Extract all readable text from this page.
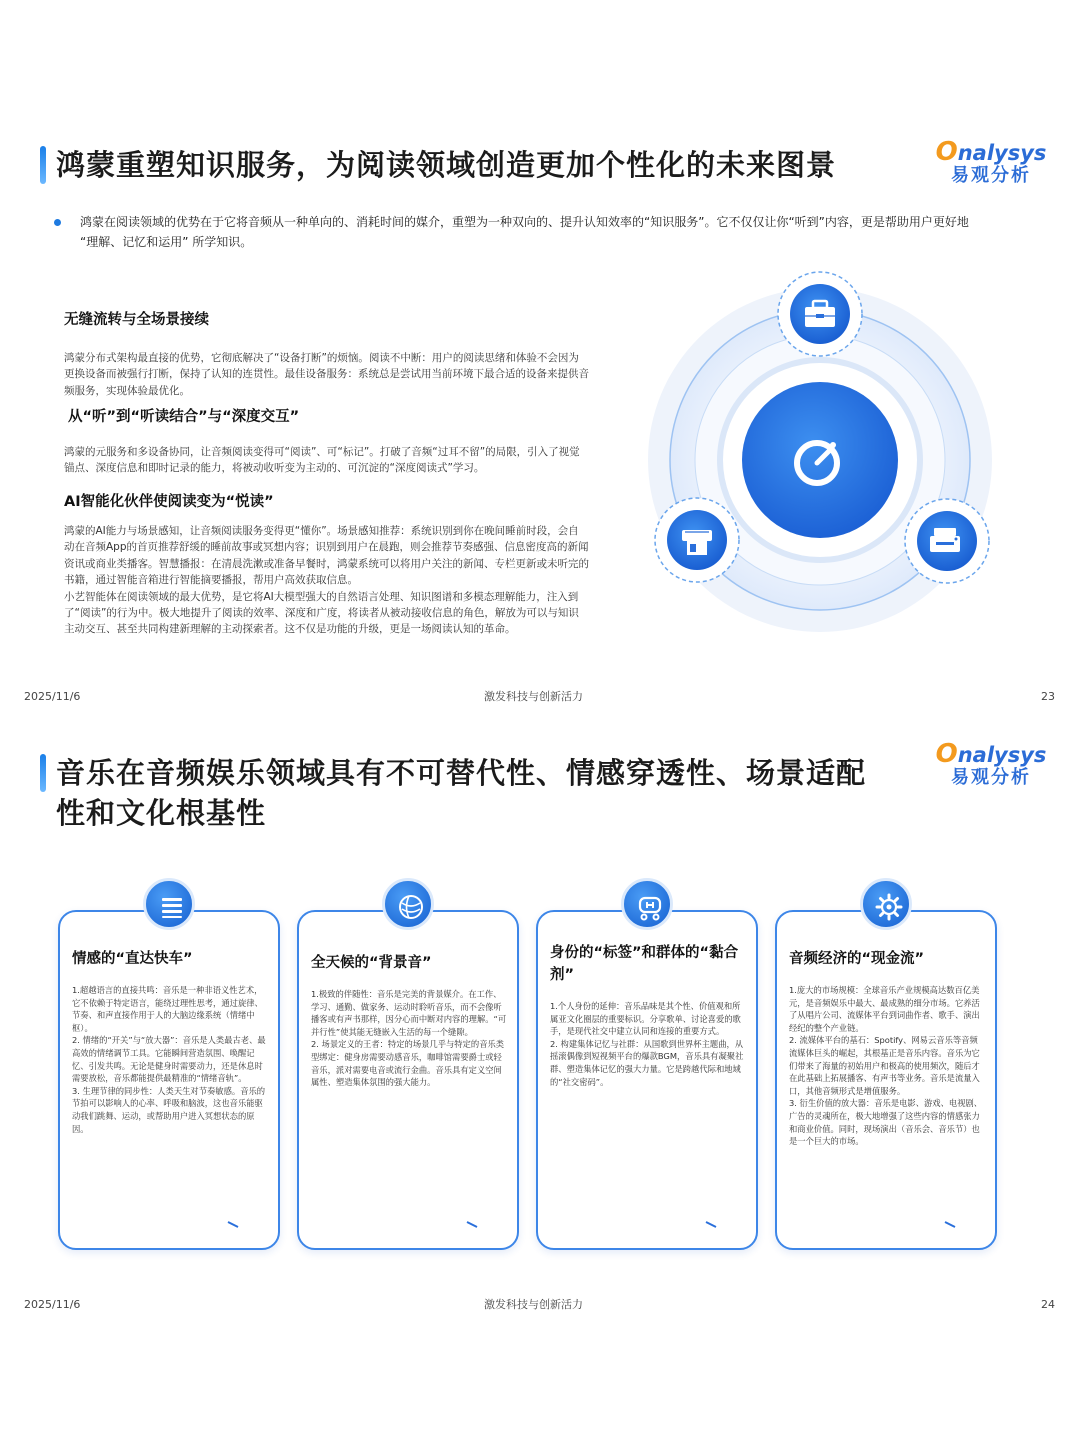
鸿蒙重塑知识服务，为阅读领域创造更加个性化的未来图景	Onalysys
易观分析

鸿蒙在阅读领域的优势在于它将音频从一种单向的、消耗时间的媒介，重塑为一种双向的、提升认知效率的“知识服务”。它不仅仅让你“听到”内容，更是帮助用户更好地 “理解、记忆和运用” 所学知识。

无缝流转与全场景接续
鸿蒙分布式架构最直接的优势，它彻底解决了“设备打断”的烦恼。阅读不中断：用户的阅读思绪和体验不会因为更换设备而被强行打断，保持了认知的连贯性。最佳设备服务：系统总是尝试用当前环境下最合适的设备来提供音频服务，实现体验最优化。
从“听”到“听读结合”与“深度交互”
鸿蒙的元服务和多设备协同，让音频阅读变得可“阅读”、可“标记”。打破了音频“过耳不留”的局限，引入了视觉锚点、深度信息和即时记录的能力，将被动收听变为主动的、可沉淀的“深度阅读式”学习。
AI智能化伙伴使阅读变为“悦读”
鸿蒙的AI能力与场景感知，让音频阅读服务变得更“懂你”。场景感知推荐：系统识别到你在晚间睡前时段，会自动在音频App的首页推荐舒缓的睡前故事或冥想内容；识别到用户在晨跑，则会推荐节奏感强、信息密度高的新闻资讯或商业类播客。智慧播报：在清晨洗漱或准备早餐时，鸿蒙系统可以将用户关注的新闻、专栏更新或未听完的书籍，通过智能音箱进行智能摘要播报，帮用户高效获取信息。
小艺智能体在阅读领域的最大优势，是它将AI大模型强大的自然语言处理、知识图谱和多模态理解能力，注入到了“阅读”的行为中。极大地提升了阅读的效率、深度和广度，将读者从被动接收信息的角色，解放为可以与知识主动交互、甚至共同构建新理解的主动探索者。这不仅是功能的升级，更是一场阅读认知的革命。
2025/11/6	激发科技与创新活力	23
音乐在音频娱乐领域具有不可替代性、情感穿透性、场景适配
性和文化根基性
Onalysys
易观分析
情感的“直达快车”
1.超越语言的直接共鸣：音乐是一种非语义性艺术，它不依赖于特定语言，能绕过理性思考，通过旋律、节奏、和声直接作用于人的大脑边缘系统（情绪中枢）。
2. 情绪的“开关”与“放大器”：音乐是人类最古老、最高效的情绪调节工具。它能瞬间营造氛围、唤醒记忆、引发共鸣。无论是健身时需要动力，还是休息时需要放松，音乐都能提供最精准的“情绪音轨”。
3. 生理节律的同步性：人类天生对节奏敏感。音乐的节拍可以影响人的心率、呼吸和脑波，这也音乐能驱动我们跳舞、运动，或帮助用户进入冥想状态的原因。
全天候的“背景音”
1.极致的伴随性：音乐是完美的背景媒介。在工作、学习、通勤、做家务、运动时聆听音乐，而不会像听播客或有声书那样，因分心而中断对内容的理解。“可并行性”使其能无缝嵌入生活的每一个缝隙。
2. 场景定义的王者：特定的场景几乎与特定的音乐类型绑定：健身房需要动感音乐，咖啡馆需要爵士或轻音乐，派对需要电音或流行金曲。音乐具有定义空间属性、塑造集体氛围的强大能力。
身份的“标签”和群体的“黏合剂”
1.个人身份的延伸：音乐品味是其个性、价值观和所属亚文化圈层的重要标识。分享歌单、讨论喜爱的歌手，是现代社交中建立认同和连接的重要方式。
2. 构建集体记忆与社群：从国歌到世界杯主题曲，从摇滚偶像到短视频平台的爆款BGM，音乐具有凝聚社群、塑造集体记忆的强大力量。它是跨越代际和地域的“社交密码”。
音频经济的“现金流”
1.庞大的市场规模：全球音乐产业规模高达数百亿美元，是音频娱乐中最大、最成熟的细分市场。它养活了从唱片公司、流媒体平台到词曲作者、歌手、演出经纪的整个产业链。
2. 流媒体平台的基石：Spotify、网易云音乐等音频流媒体巨头的崛起，其根基正是音乐内容。音乐为它们带来了海量的初始用户和极高的使用频次，随后才在此基础上拓展播客、有声书等业务。音乐是流量入口，其他音频形式是增值服务。
3. 衍生价值的放大器：音乐是电影、游戏、电视剧、广告的灵魂所在，极大地增强了这些内容的情感张力和商业价值。同时，现场演出（音乐会、音乐节）也是一个巨大的市场。
2025/11/6	激发科技与创新活力	24
